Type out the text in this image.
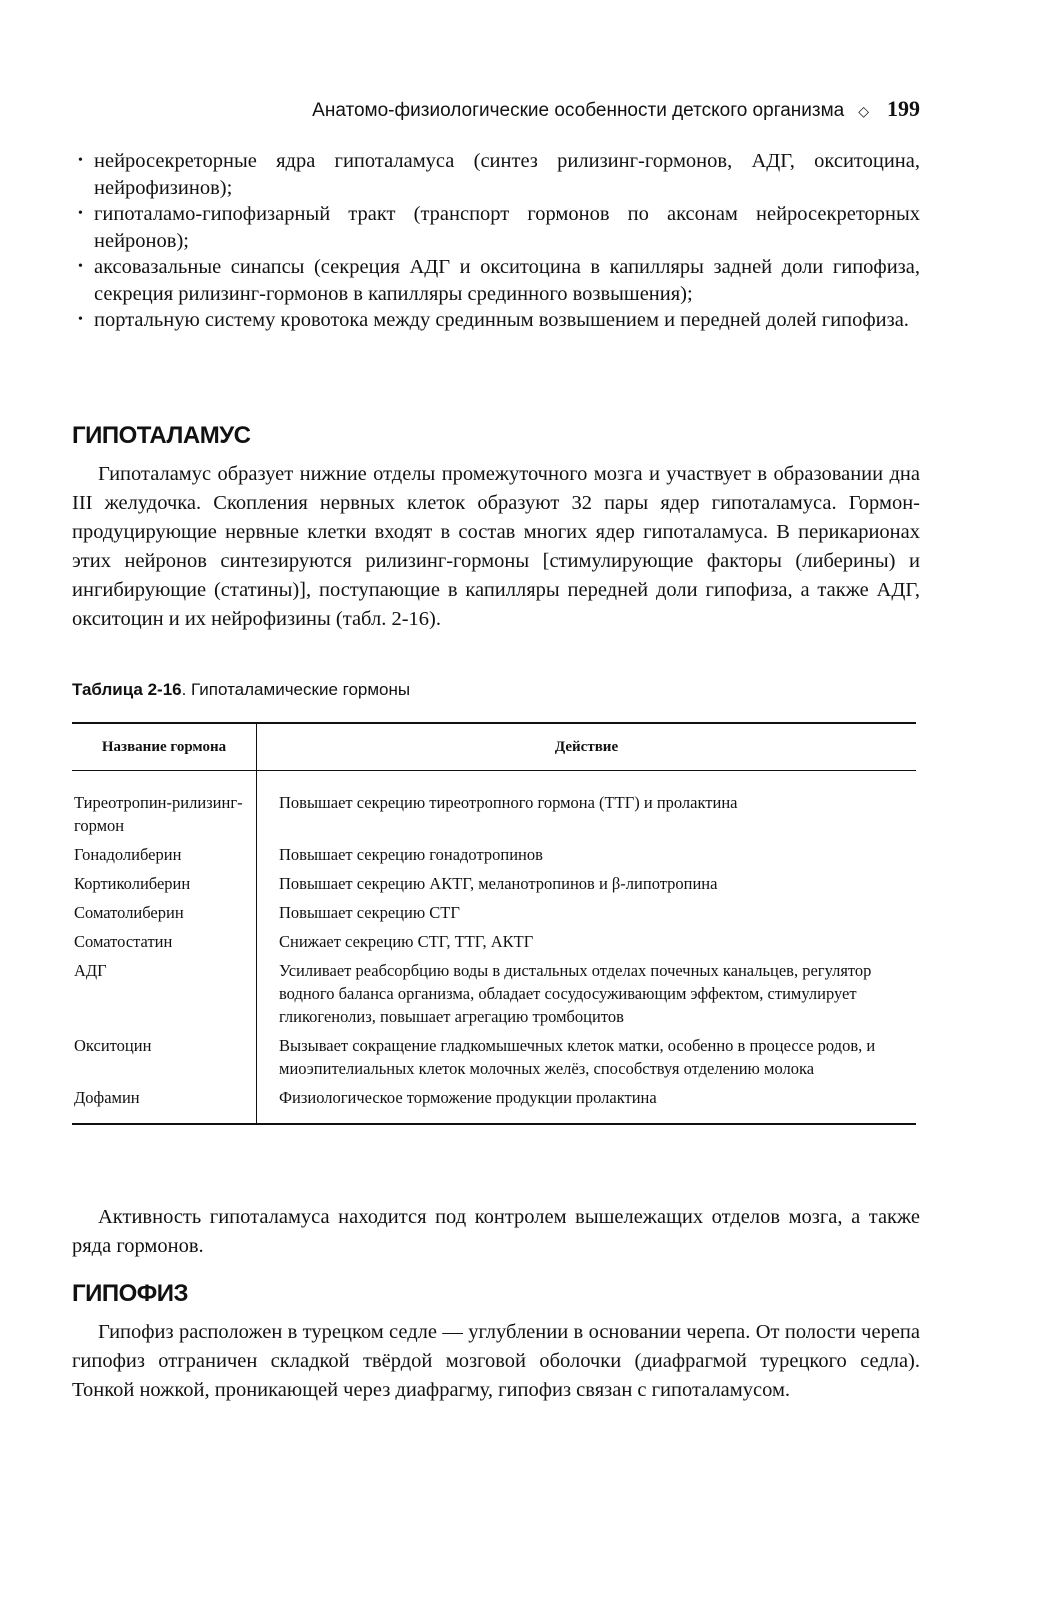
Анатомо-физиологические особенности детского организма ◇ 199
• нейросекреторные ядра гипоталамуса (синтез рилизинг-гормонов, АДГ, окситоцина, нейрофизинов);
• гипоталамо-гипофизарный тракт (транспорт гормонов по аксонам нейросекреторных нейронов);
• аксовазальные синапсы (секреция АДГ и окситоцина в капилляры задней доли гипофиза, секреция рилизинг-гормонов в капилляры срединного возвышения);
• портальную систему кровотока между срединным возвышением и передней долей гипофиза.
ГИПОТАЛАМУС

Гипоталамус образует нижние отделы промежуточного мозга и участвует в образовании дна III желудочка. Скопления нервных клеток образуют 32 пары ядер гипоталамуса. Гормон-продуцирующие нервные клетки входят в состав многих ядер гипоталамуса. В перикарионах этих нейронов синтезируются рилизинг-гормоны [стимулирующие факторы (либерины) и ингибирующие (статины)], поступающие в капилляры передней доли гипофиза, а также АДГ, окситоцин и их нейрофизины (табл. 2-16).

Таблица 2-16. Гипоталамические гормоны
Название гормона	Действие
Тиреотропин-рилизинг-гормон	Повышает секрецию тиреотропного гормона (ТТГ) и пролактина
Гонадолиберин	Повышает секрецию гонадотропинов
Кортиколиберин	Повышает секрецию АКТГ, меланотропинов и β-липотропина
Соматолиберин	Повышает секрецию СТГ
Соматостатин	Снижает секрецию СТГ, ТТГ, АКТГ
АДГ	Усиливает реабсорбцию воды в дистальных отделах почечных канальцев, регулятор водного баланса организма, обладает сосудосуживающим эффектом, стимулирует гликогенолиз, повышает агрегацию тромбоцитов
Окситоцин	Вызывает сокращение гладкомышечных клеток матки, особенно в процессе родов, и миоэпителиальных клеток молочных желёз, способствуя отделению молока
Дофамин	Физиологическое торможение продукции пролактина

Активность гипоталамуса находится под контролем вышележащих отделов мозга, а также ряда гормонов.

ГИПОФИЗ

Гипофиз расположен в турецком седле — углублении в основании черепа. От полости черепа гипофиз отграничен складкой твёрдой мозговой оболочки (диафрагмой турецкого седла). Тонкой ножкой, проникающей через диафрагму, гипофиз связан с гипоталамусом.
